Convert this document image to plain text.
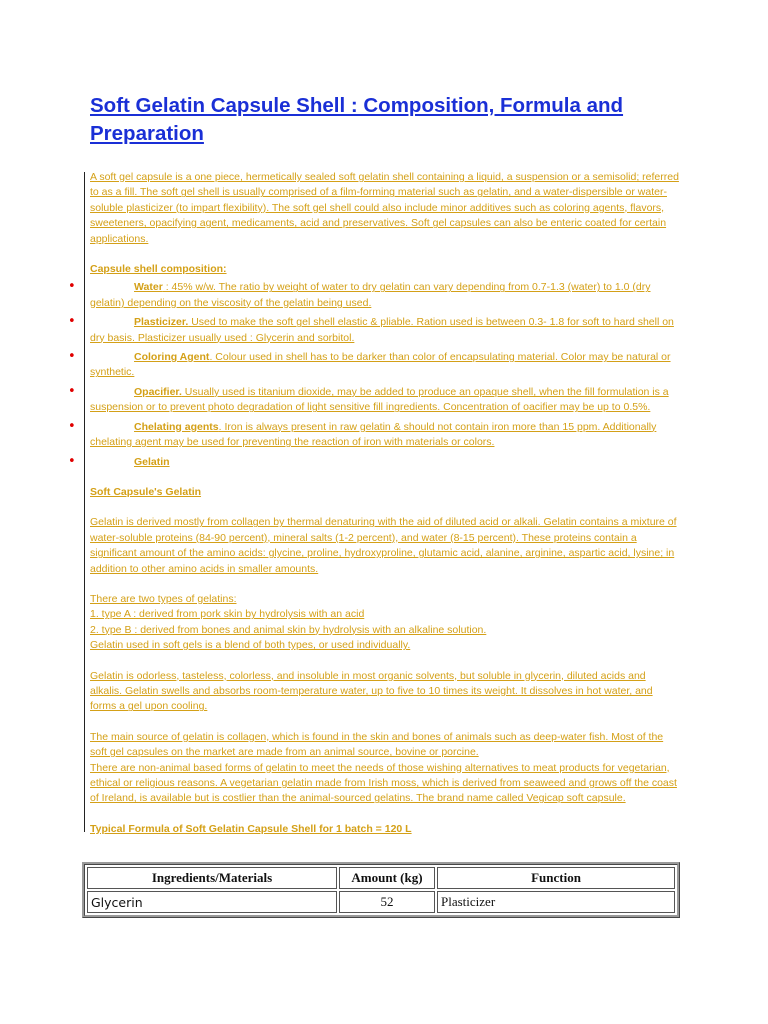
Soft Gelatin Capsule Shell : Composition, Formula and Preparation

A soft gel capsule is a one piece, hermetically sealed soft gelatin shell containing a liquid, a suspension or a semisolid; referred to as a fill. The soft gel shell is usually comprised of a film-forming material such as gelatin, and a water-dispersible or water-soluble plasticizer (to impart flexibility). The soft gel shell could also include minor additives such as coloring agents, flavors, sweeteners, opacifying agent, medicaments, acid and preservatives. Soft gel capsules can also be enteric coated for certain applications.

Capsule shell composition:

•	Water : 45% w/w. The ratio by weight of water to dry gelatin can vary depending from 0.7-1.3 (water) to 1.0 (dry gelatin) depending on the viscosity of the gelatin being used.
•	Plasticizer. Used to make the soft gel shell elastic & pliable. Ration used is between 0.3- 1.8 for soft to hard shell on dry basis. Plasticizer usually used : Glycerin and sorbitol.
•	Coloring Agent. Colour used in shell has to be darker than color of encapsulating material. Color may be natural or synthetic.
•	Opacifier. Usually used is titanium dioxide, may be added to produce an opaque shell, when the fill formulation is a suspension or to prevent photo degradation of light sensitive fill ingredients. Concentration of oacifier may be up to 0.5%.
•	Chelating agents. Iron is always present in raw gelatin & should not contain iron more than 15 ppm. Additionally chelating agent may be used for preventing the reaction of iron with materials or colors.
•	Gelatin

Soft Capsule's Gelatin

Gelatin is derived mostly from collagen by thermal denaturing with the aid of diluted acid or alkali. Gelatin contains a mixture of water-soluble proteins (84-90 percent), mineral salts (1-2 percent), and water (8-15 percent). These proteins contain a significant amount of the amino acids: glycine, proline, hydroxyproline, glutamic acid, alanine, arginine, aspartic acid, lysine; in addition to other amino acids in smaller amounts.

There are two types of gelatins:

1. type A : derived from pork skin by hydrolysis with an acid

2. type B : derived from bones and animal skin by hydrolysis with an alkaline solution.

Gelatin used in soft gels is a blend of both types, or used individually.

Gelatin is odorless, tasteless, colorless, and insoluble in most organic solvents, but soluble in glycerin, diluted acids and alkalis. Gelatin swells and absorbs room-temperature water, up to five to 10 times its weight. It dissolves in hot water, and forms a gel upon cooling.

The main source of gelatin is collagen, which is found in the skin and bones of animals such as deep-water fish. Most of the soft gel capsules on the market are made from an animal source, bovine or porcine.

There are non-animal based forms of gelatin to meet the needs of those wishing alternatives to meat products for vegetarian, ethical or religious reasons. A vegetarian gelatin made from Irish moss, which is derived from seaweed and grows off the coast of Ireland, is available but is costlier than the animal-sourced gelatins. The brand name called Vegicap soft capsule.

Typical Formula of Soft Gelatin Capsule Shell for 1 batch = 120 L

Ingredients/Materials	Amount (kg)	Function
Glycerin	52	Plasticizer
